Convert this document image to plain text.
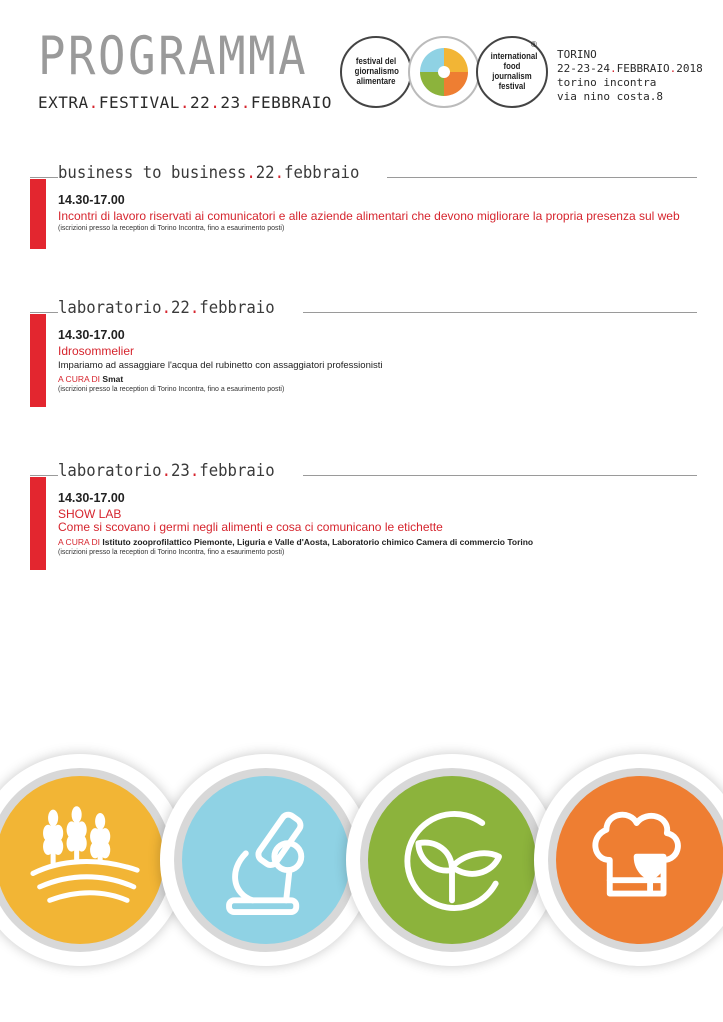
PROGRAMMA
EXTRA.FESTIVAL.22.23.FEBBRAIO
festival del giornalismo alimentare
international food journalism festival
®
TORINO
22-23-24.FEBBRAIO.2018
torino incontra
via nino costa.8
business to business.22.febbraio
14.30-17.00
Incontri di lavoro riservati ai comunicatori e alle aziende alimentari che devono migliorare la propria presenza sul web
(iscrizioni presso la reception di Torino Incontra, fino a esaurimento posti)
laboratorio.22.febbraio
14.30-17.00
Idrosommelier
Impariamo ad assaggiare l'acqua del rubinetto con assaggiatori professionisti
A CURA DI Smat
(iscrizioni presso la reception di Torino Incontra, fino a esaurimento posti)
laboratorio.23.febbraio
14.30-17.00
SHOW LAB
Come si scovano i germi negli alimenti e cosa ci comunicano le etichette
A CURA DI Istituto zooprofilattico Piemonte, Liguria e Valle d'Aosta, Laboratorio chimico Camera di commercio Torino
(iscrizioni presso la reception di Torino Incontra, fino a esaurimento posti)
